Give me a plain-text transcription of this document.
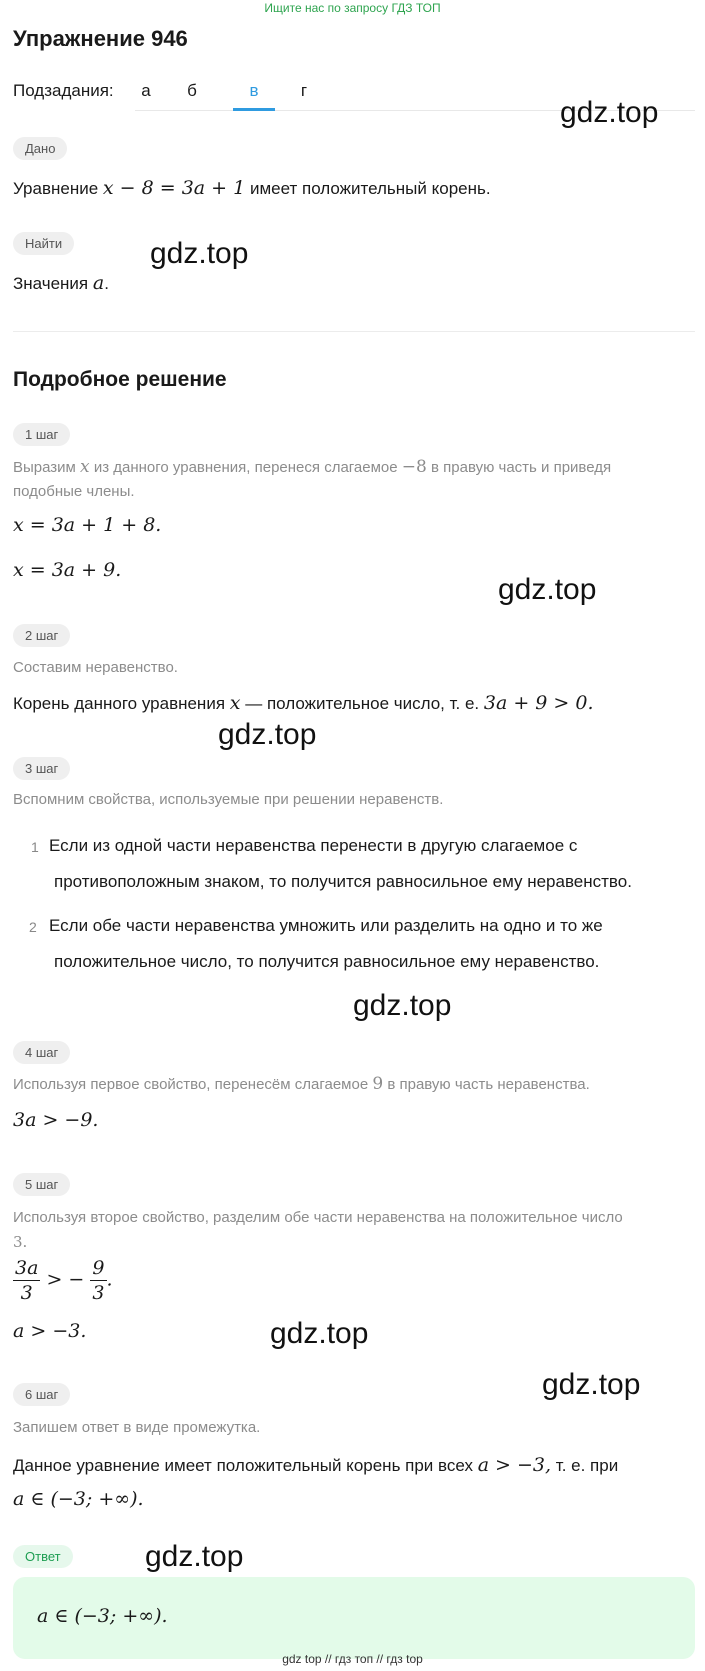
Ищите нас по запросу ГДЗ ТОП
Упражнение 946
Подзадания:	а	б	в	г
gdz.top
Дано
Уравнение x − 8 = 3a + 1 имеет положительный корень.
Найти	gdz.top
Значения a.
Подробное решение
1 шаг
Выразим x из данного уравнения, перенеся слагаемое −8 в правую часть и приведя
подобные члены.
x = 3a + 1 + 8.
x = 3a + 9.
gdz.top
2 шаг
Составим неравенство.
Корень данного уравнения x — положительное число, т. е. 3a + 9 > 0.
gdz.top
3 шаг
Вспомним свойства, используемые при решении неравенств.
1 Если из одной части неравенства перенести в другую слагаемое с
противоположным знаком, то получится равносильное ему неравенство.
2 Если обе части неравенства умножить или разделить на одно и то же
положительное число, то получится равносильное ему неравенство.
gdz.top
4 шаг
Используя первое свойство, перенесём слагаемое 9 в правую часть неравенства.
3a > −9.
5 шаг
Используя второе свойство, разделим обе части неравенства на положительное число
3.
$\frac{3a}{3}$ > − $\frac{9}{3}$ .
a > −3.	gdz.top
gdz.top
6 шаг
Запишем ответ в виде промежутка.
Данное уравнение имеет положительный корень при всех a > −3, т. е. при
a ∈ (−3; +∞).
Ответ	gdz.top
a ∈ (−3; +∞).
gdz top // гдз топ // гдз top
